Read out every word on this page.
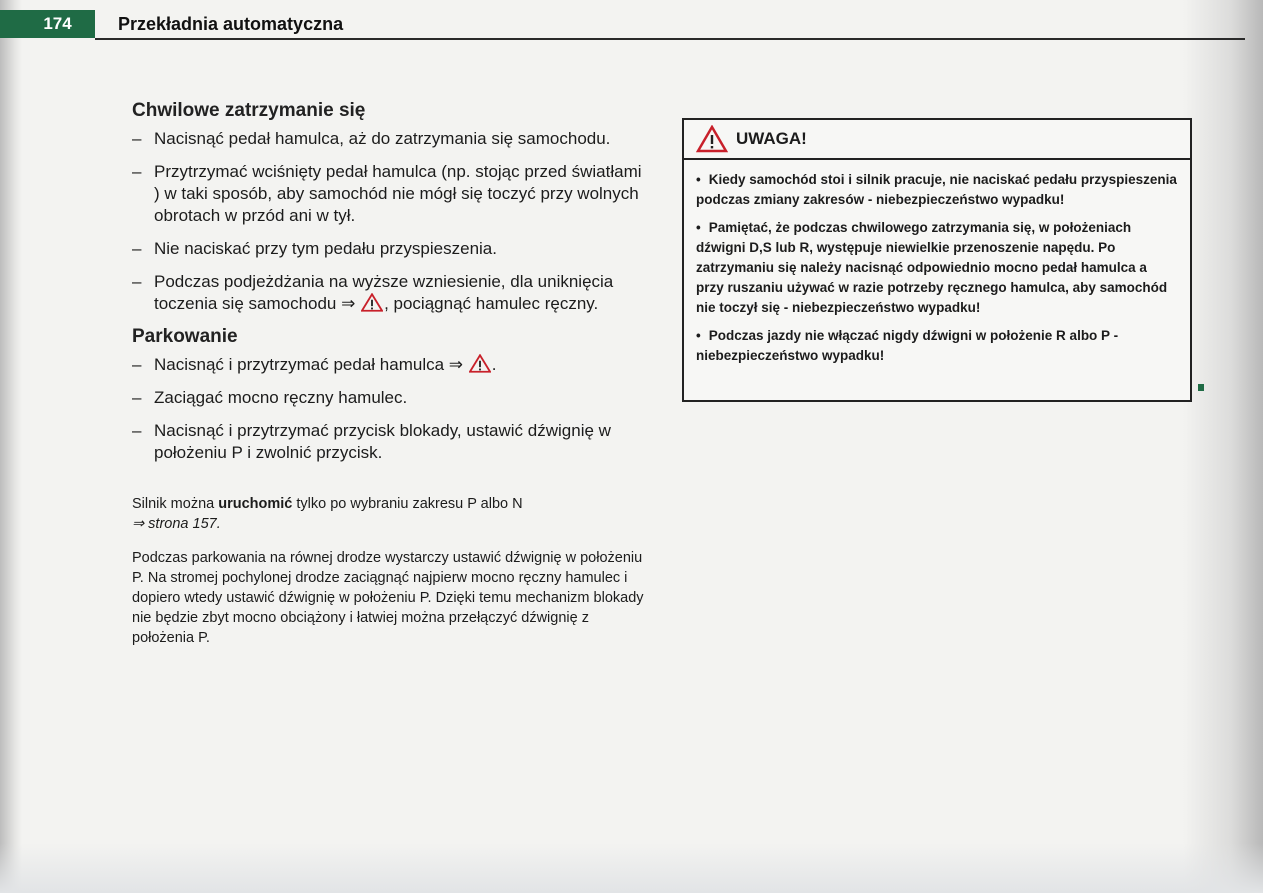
174	Przekładnia automatyczna
Chwilowe zatrzymanie się
– Nacisnąć pedał hamulca, aż do zatrzymania się samochodu.
– Przytrzymać wciśnięty pedał hamulca (np. stojąc przed światłami ) w taki sposób, aby samochód nie mógł się toczyć przy wolnych obrotach w przód ani w tył.
– Nie naciskać przy tym pedału przyspieszenia.
– Podczas podjeżdżania na wyższe wzniesienie, dla uniknięcia toczenia się samochodu ⇒ , pociągnąć hamulec ręczny.
Parkowanie
– Nacisnąć i przytrzymać pedał hamulca ⇒ .
– Zaciągać mocno ręczny hamulec.
– Nacisnąć i przytrzymać przycisk blokady, ustawić dźwignię w położeniu P i zwolnić przycisk.

Silnik można uruchomić tylko po wybraniu zakresu P albo N
⇒ strona 157.

Podczas parkowania na równej drodze wystarczy ustawić dźwignię w położeniu P. Na stromej pochylonej drodze zaciągnąć najpierw mocno ręczny hamulec i dopiero wtedy ustawić dźwignię w położeniu P. Dzięki temu mechanizm blokady nie będzie zbyt mocno obciążony i łatwiej można przełączyć dźwignię z położenia P.

UWAGA!
• Kiedy samochód stoi i silnik pracuje, nie naciskać pedału przyspieszenia podczas zmiany zakresów - niebezpieczeństwo wypadku!
• Pamiętać, że podczas chwilowego zatrzymania się, w położeniach dźwigni D,S lub R, występuje niewielkie przenoszenie napędu. Po zatrzymaniu się należy nacisnąć odpowiednio mocno pedał hamulca a przy ruszaniu używać w razie potrzeby ręcznego hamulca, aby samochód nie toczył się - niebezpieczeństwo wypadku!
• Podczas jazdy nie włączać nigdy dźwigni w położenie R albo P - niebezpieczeństwo wypadku!
